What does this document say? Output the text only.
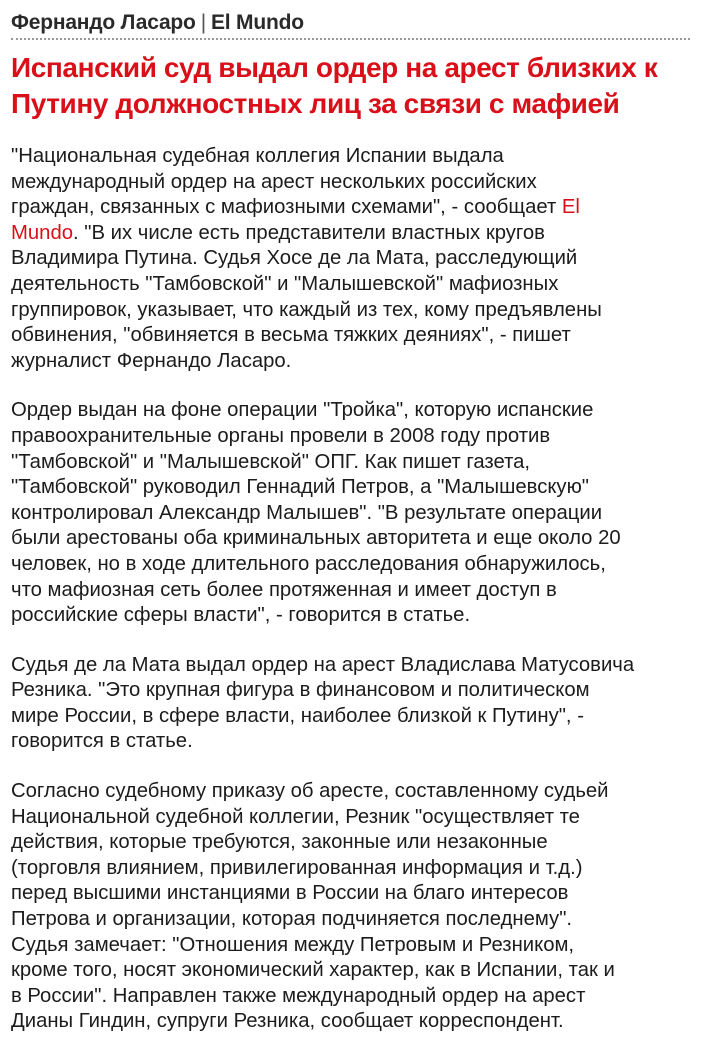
Фернандо Ласаро | El Mundo
Испанский суд выдал ордер на арест близких к
Путину должностных лиц за связи с мафией

"Национальная судебная коллегия Испании выдала
международный ордер на арест нескольких российских
граждан, связанных с мафиозными схемами", - сообщает El
Mundo. "В их числе есть представители властных кругов
Владимира Путина. Судья Хосе де ла Мата, расследующий
деятельность "Тамбовской" и "Малышевской" мафиозных
группировок, указывает, что каждый из тех, кому предъявлены
обвинения, "обвиняется в весьма тяжких деяниях", - пишет
журналист Фернандо Ласаро.

Ордер выдан на фоне операции "Тройка", которую испанские
правоохранительные органы провели в 2008 году против
"Тамбовской" и "Малышевской" ОПГ. Как пишет газета,
"Тамбовской" руководил Геннадий Петров, а "Малышевскую"
контролировал Александр Малышев". "В результате операции
были арестованы оба криминальных авторитета и еще около 20
человек, но в ходе длительного расследования обнаружилось,
что мафиозная сеть более протяженная и имеет доступ в
российские сферы власти", - говорится в статье.

Судья де ла Мата выдал ордер на арест Владислава Матусовича
Резника. "Это крупная фигура в финансовом и политическом
мире России, в сфере власти, наиболее близкой к Путину", -
говорится в статье.

Согласно судебному приказу об аресте, составленному судьей
Национальной судебной коллегии, Резник "осуществляет те
действия, которые требуются, законные или незаконные
(торговля влиянием, привилегированная информация и т.д.)
перед высшими инстанциями в России на благо интересов
Петрова и организации, которая подчиняется последнему".
Судья замечает: "Отношения между Петровым и Резником,
кроме того, носят экономический характер, как в Испании, так и
в России". Направлен также международный ордер на арест
Дианы Гиндин, супруги Резника, сообщает корреспондент.
